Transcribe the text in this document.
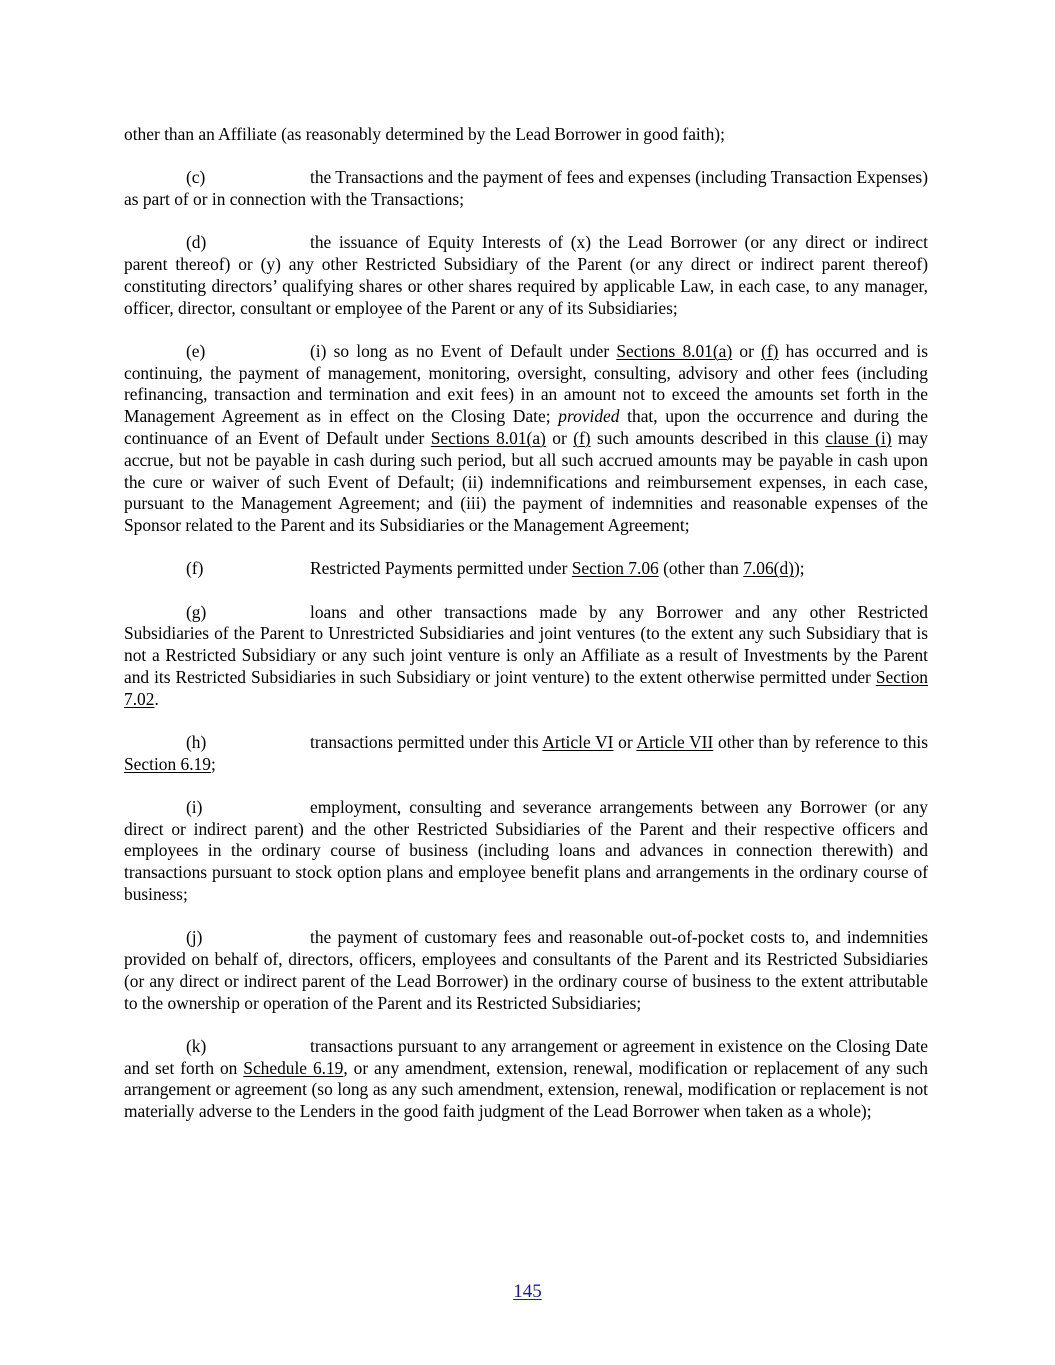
other than an Affiliate (as reasonably determined by the Lead Borrower in good faith);

(c)	the Transactions and the payment of fees and expenses (including Transaction Expenses) as part of or in connection with the Transactions;

(d)	the issuance of Equity Interests of (x) the Lead Borrower (or any direct or indirect parent thereof) or (y) any other Restricted Subsidiary of the Parent (or any direct or indirect parent thereof) constituting directors’ qualifying shares or other shares required by applicable Law, in each case, to any manager, officer, director, consultant or employee of the Parent or any of its Subsidiaries;

(e)	(i) so long as no Event of Default under Sections 8.01(a) or (f) has occurred and is continuing, the payment of management, monitoring, oversight, consulting, advisory and other fees (including refinancing, transaction and termination and exit fees) in an amount not to exceed the amounts set forth in the Management Agreement as in effect on the Closing Date; provided that, upon the occurrence and during the continuance of an Event of Default under Sections 8.01(a) or (f) such amounts described in this clause (i) may accrue, but not be payable in cash during such period, but all such accrued amounts may be payable in cash upon the cure or waiver of such Event of Default; (ii) indemnifications and reimbursement expenses, in each case, pursuant to the Management Agreement; and (iii) the payment of indemnities and reasonable expenses of the Sponsor related to the Parent and its Subsidiaries or the Management Agreement;

(f)	Restricted Payments permitted under Section 7.06 (other than 7.06(d));

(g)	loans and other transactions made by any Borrower and any other Restricted Subsidiaries of the Parent to Unrestricted Subsidiaries and joint ventures (to the extent any such Subsidiary that is not a Restricted Subsidiary or any such joint venture is only an Affiliate as a result of Investments by the Parent and its Restricted Subsidiaries in such Subsidiary or joint venture) to the extent otherwise permitted under Section 7.02.

(h)	transactions permitted under this Article VI or Article VII other than by reference to this Section 6.19;

(i)	employment, consulting and severance arrangements between any Borrower (or any direct or indirect parent) and the other Restricted Subsidiaries of the Parent and their respective officers and employees in the ordinary course of business (including loans and advances in connection therewith) and transactions pursuant to stock option plans and employee benefit plans and arrangements in the ordinary course of business;

(j)	the payment of customary fees and reasonable out-of-pocket costs to, and indemnities provided on behalf of, directors, officers, employees and consultants of the Parent and its Restricted Subsidiaries (or any direct or indirect parent of the Lead Borrower) in the ordinary course of business to the extent attributable to the ownership or operation of the Parent and its Restricted Subsidiaries;

(k)	transactions pursuant to any arrangement or agreement in existence on the Closing Date and set forth on Schedule 6.19, or any amendment, extension, renewal, modification or replacement of any such arrangement or agreement (so long as any such amendment, extension, renewal, modification or replacement is not materially adverse to the Lenders in the good faith judgment of the Lead Borrower when taken as a whole);

145
